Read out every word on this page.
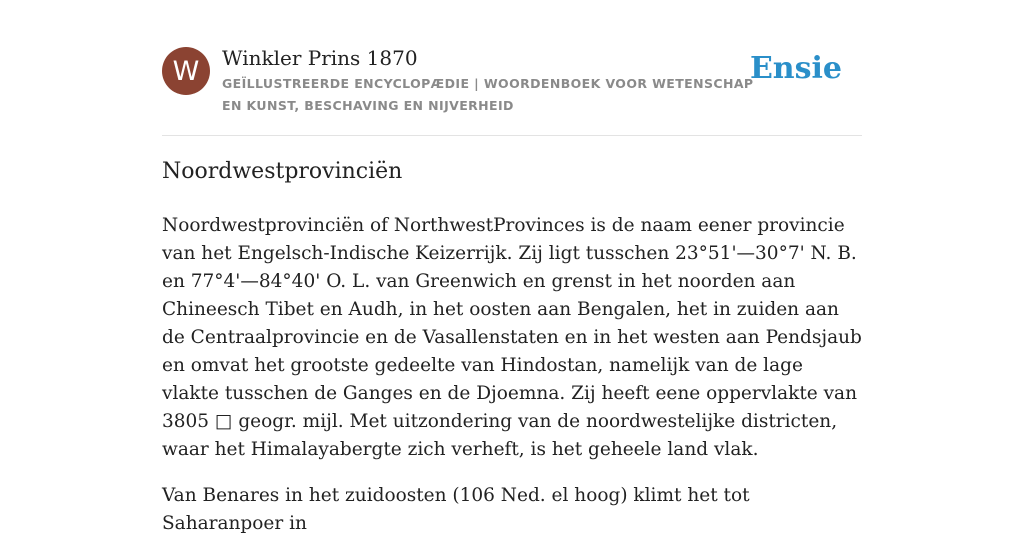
W	Winkler Prins 1870
GEÏLLUSTREERDE ENCYCLOPÆDIE | WOORDENBOEK VOOR WETENSCHAP EN KUNST, BESCHAVING EN NIJVERHEID
Ensie
Noordwestprovinciën

Noordwestprovinciën of NorthwestProvinces is de naam eener provincie van het Engelsch-Indische Keizerrijk. Zij ligt tusschen 23°51'—30°7' N. B. en 77°4'—84°40' O. L. van Greenwich en grenst in het noorden aan Chineesch Tibet en Audh, in het oosten aan Bengalen, het in zuiden aan de Centraalprovincie en de Vasallenstaten en in het westen aan Pendsjaub en omvat het grootste gedeelte van Hindostan, namelijk van de lage vlakte tusschen de Ganges en de Djoemna. Zij heeft eene oppervlakte van 3805 □ geogr. mijl. Met uitzondering van de noordwestelijke districten, waar het Himalayabergte zich verheft, is het geheele land vlak.

Van Benares in het zuidoosten (106 Ned. el hoog) klimt het tot Saharanpoer in
